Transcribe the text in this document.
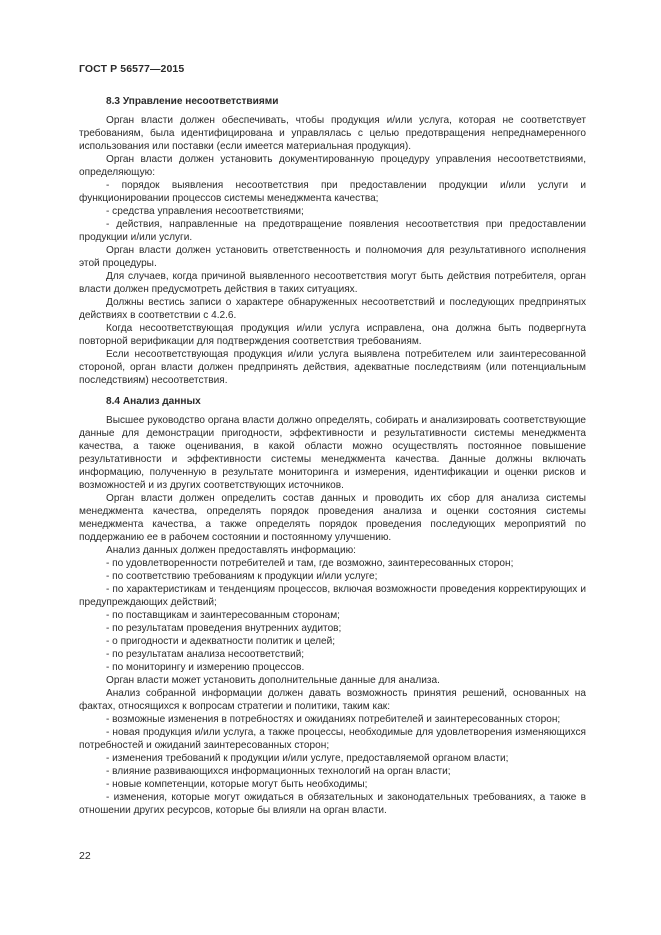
ГОСТ Р 56577—2015
8.3 Управление несоответствиями

Орган власти должен обеспечивать, чтобы продукция и/или услуга, которая не соответствует требованиям, была идентифицирована и управлялась с целью предотвращения непреднамеренного использования или поставки (если имеется материальная продукция).

Орган власти должен установить документированную процедуру управления несоответствиями, определяющую:

- порядок выявления несоответствия при предоставлении продукции и/или услуги и функционировании процессов системы менеджмента качества;

- средства управления несоответствиями;

- действия, направленные на предотвращение появления несоответствия при предоставлении продукции и/или услуги.

Орган власти должен установить ответственность и полномочия для результативного исполнения этой процедуры.

Для случаев, когда причиной выявленного несоответствия могут быть действия потребителя, орган власти должен предусмотреть действия в таких ситуациях.

Должны вестись записи о характере обнаруженных несоответствий и последующих предпринятых действиях в соответствии с 4.2.6.

Когда несоответствующая продукция и/или услуга исправлена, она должна быть подвергнута повторной верификации для подтверждения соответствия требованиям.

Если несоответствующая продукция и/или услуга выявлена потребителем или заинтересованной стороной, орган власти должен предпринять действия, адекватные последствиям (или потенциальным последствиям) несоответствия.

8.4 Анализ данных

Высшее руководство органа власти должно определять, собирать и анализировать соответствующие данные для демонстрации пригодности, эффективности и результативности системы менеджмента качества, а также оценивания, в какой области можно осуществлять постоянное повышение результативности и эффективности системы менеджмента качества. Данные должны включать информацию, полученную в результате мониторинга и измерения, идентификации и оценки рисков и возможностей и из других соответствующих источников.

Орган власти должен определить состав данных и проводить их сбор для анализа системы менеджмента качества, определять порядок проведения анализа и оценки состояния системы менеджмента качества, а также определять порядок проведения последующих мероприятий по поддержанию ее в рабочем состоянии и постоянному улучшению.

Анализ данных должен предоставлять информацию:

- по удовлетворенности потребителей и там, где возможно, заинтересованных сторон;

- по соответствию требованиям к продукции и/или услуге;

- по характеристикам и тенденциям процессов, включая возможности проведения корректирующих и предупреждающих действий;

- по поставщикам и заинтересованным сторонам;

- по результатам проведения внутренних аудитов;

- о пригодности и адекватности политик и целей;

- по результатам анализа несоответствий;

- по мониторингу и измерению процессов.

Орган власти может установить дополнительные данные для анализа.

Анализ собранной информации должен давать возможность принятия решений, основанных на фактах, относящихся к вопросам стратегии и политики, таким как:

- возможные изменения в потребностях и ожиданиях потребителей и заинтересованных сторон;

- новая продукция и/или услуга, а также процессы, необходимые для удовлетворения изменяющихся потребностей и ожиданий заинтересованных сторон;

- изменения требований к продукции и/или услуге, предоставляемой органом власти;

- влияние развивающихся информационных технологий на орган власти;

- новые компетенции, которые могут быть необходимы;

- изменения, которые могут ожидаться в обязательных и законодательных требованиях, а также в отношении других ресурсов, которые бы влияли на орган власти.

22
